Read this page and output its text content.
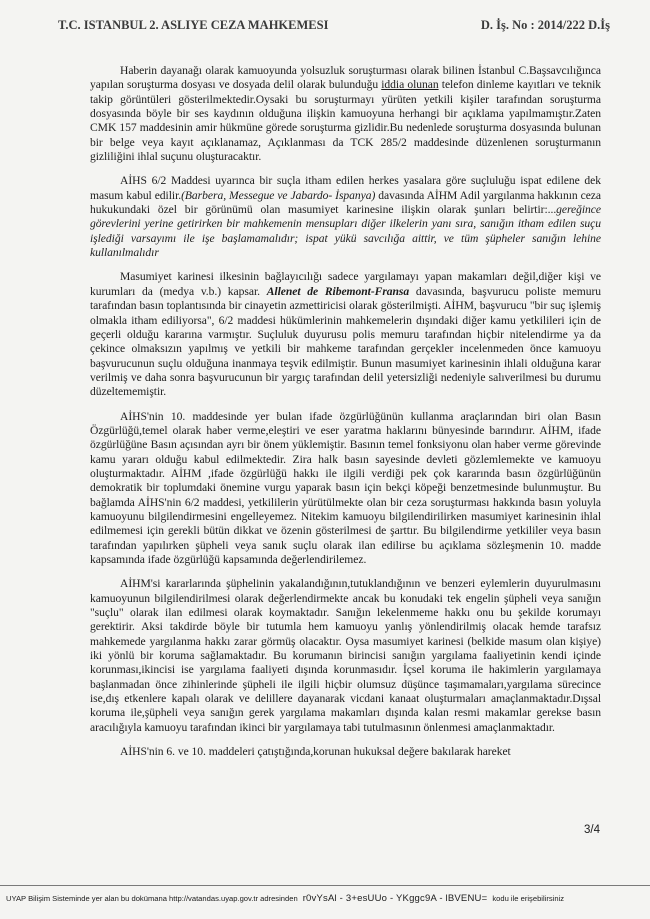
T.C. ISTANBUL 2. ASLIYE CEZA MAHKEMESI	D. İş. No : 2014/222 D.İş

Haberin dayanağı olarak kamuoyunda yolsuzluk soruşturması olarak bilinen İstanbul C.Başsavcılığınca yapılan soruşturma dosyası ve dosyada delil olarak bulunduğu iddia olunan telefon dinleme kayıtları ve teknik takip görüntüleri gösterilmektedir.Oysaki bu soruşturmayı yürüten yetkili kişiler tarafından soruşturma dosyasında böyle bir ses kaydının olduğuna ilişkin kamuoyuna herhangi bir açıklama yapılmamıştır.Zaten CMK 157 maddesinin amir hükmüne görede soruşturma gizlidir.Bu nedenlede soruşturma dosyasında bulunan bir belge veya kayıt açıklanamaz, Açıklanması da TCK 285/2 maddesinde düzenlenen soruşturmanın gizliliğini ihlal suçunu oluşturacaktır.

AİHS 6/2 Maddesi uyarınca bir suçla itham edilen herkes yasalara göre suçluluğu ispat edilene dek masum kabul edilir.(Barbera, Messegue ve Jabardo- İspanya) davasında AİHM Adil yargılanma hakkının ceza hukukundaki özel bir görünümü olan masumiyet karinesine ilişkin olarak şunları belirtir:...gereğince görevlerini yerine getirirken bir mahkemenin mensupları diğer ilkelerin yanı sıra, sanığın itham edilen suçu işlediği varsayımı ile işe başlamamalıdır; ispat yükü savcılığa aittir, ve tüm şüpheler sanığın lehine kullanılmalıdır

Masumiyet karinesi ilkesinin bağlayıcılığı sadece yargılamayı yapan makamları değil,diğer kişi ve kurumları da (medya v.b.) kapsar. Allenet de Ribemont-Fransa davasında, başvurucu poliste memuru tarafından basın toplantısında bir cinayetin azmettiricisi olarak gösterilmişti. AİHM, başvurucu "bir suç işlemiş olmakla itham ediliyorsa", 6/2 maddesi hükümlerinin mahkemelerin dışındaki diğer kamu yetkilileri için de geçerli olduğu kararına varmıştır. Suçluluk duyurusu polis memuru tarafından hiçbir nitelendirme ya da çekince olmaksızın yapılmış ve yetkili bir mahkeme tarafından gerçekler incelenmeden önce kamuoyu başvurucunun suçlu olduğuna inanmaya teşvik edilmiştir. Bunun masumiyet karinesinin ihlali olduğuna karar verilmiş ve daha sonra başvurucunun bir yargıç tarafından delil yetersizliği nedeniyle salıverilmesi bu durumu düzeltememiştir.

AİHS'nin 10. maddesinde yer bulan ifade özgürlüğünün kullanma araçlarından biri olan Basın Özgürlüğü,temel olarak haber verme,eleştiri ve eser yaratma haklarını bünyesinde barındırır. AİHM, ifade özgürlüğüne Basın açısından ayrı bir önem yüklemiştir. Basının temel fonksiyonu olan haber verme görevinde kamu yararı olduğu kabul edilmektedir. Zira halk basın sayesinde devleti gözlemlemekte ve kamuoyu oluşturmaktadır. AİHM ,ifade özgürlüğü hakkı ile ilgili verdiği pek çok kararında basın özgürlüğünün demokratik bir toplumdaki önemine vurgu yaparak basın için bekçi köpeği benzetmesinde bulunmuştur. Bu bağlamda AİHS'nin 6/2 maddesi, yetkililerin yürütülmekte olan bir ceza soruşturması hakkında basın yoluyla kamuoyunu bilgilendirmesini engelleyemez. Nitekim kamuoyu bilgilendirilirken masumiyet karinesinin ihlal edilmemesi için gerekli bütün dikkat ve özenin gösterilmesi de şarttır. Bu bilgilendirme yetkililer veya basın tarafından yapılırken şüpheli veya sanık suçlu olarak ilan edilirse bu açıklama sözleşmenin 10. madde kapsamında ifade özgürlüğü kapsamında değerlendirilemez.

AİHM'si kararlarında şüphelinin yakalandığının,tutuklandığının ve benzeri eylemlerin duyurulmasını kamuoyunun bilgilendirilmesi olarak değerlendirmekte ancak bu konudaki tek engelin şüpheli veya sanığın "suçlu" olarak ilan edilmesi olarak koymaktadır. Sanığın lekelenmeme hakkı onu bu şekilde korumayı gerektirir. Aksi takdirde böyle bir tutumla hem kamuoyu yanlış yönlendirilmiş olacak hemde tarafsız mahkemede yargılanma hakkı zarar görmüş olacaktır. Oysa masumiyet karinesi (belkide masum olan kişiye) iki yönlü bir koruma sağlamaktadır. Bu korumanın birincisi sanığın yargılama faaliyetinin kendi içinde korunması,ikincisi ise yargılama faaliyeti dışında korunmasıdır. İçsel koruma ile hakimlerin yargılamaya başlanmadan önce zihinlerinde şüpheli ile ilgili hiçbir olumsuz düşünce taşımamaları,yargılama sürecince ise,dış etkenlere kapalı olarak ve delillere dayanarak vicdani kanaat oluşturmaları amaçlanmaktadır.Dışsal koruma ile,şüpheli veya sanığın gerek yargılama makamları dışında kalan resmi makamlar gerekse basın aracılığıyla kamuoyu tarafından ikinci bir yargılamaya tabi tutulmasının önlenmesi amaçlanmaktadır.

AİHS'nin 6. ve 10. maddeleri çatıştığında,korunan hukuksal değere bakılarak hareket

3/4
UYAP Bilişim Sisteminde yer alan bu dokümana http://vatandas.uyap.gov.tr adresinden r0vYsAl - 3+esUUo - YKggc9A - lBVENU= kodu ile erişebilirsiniz
